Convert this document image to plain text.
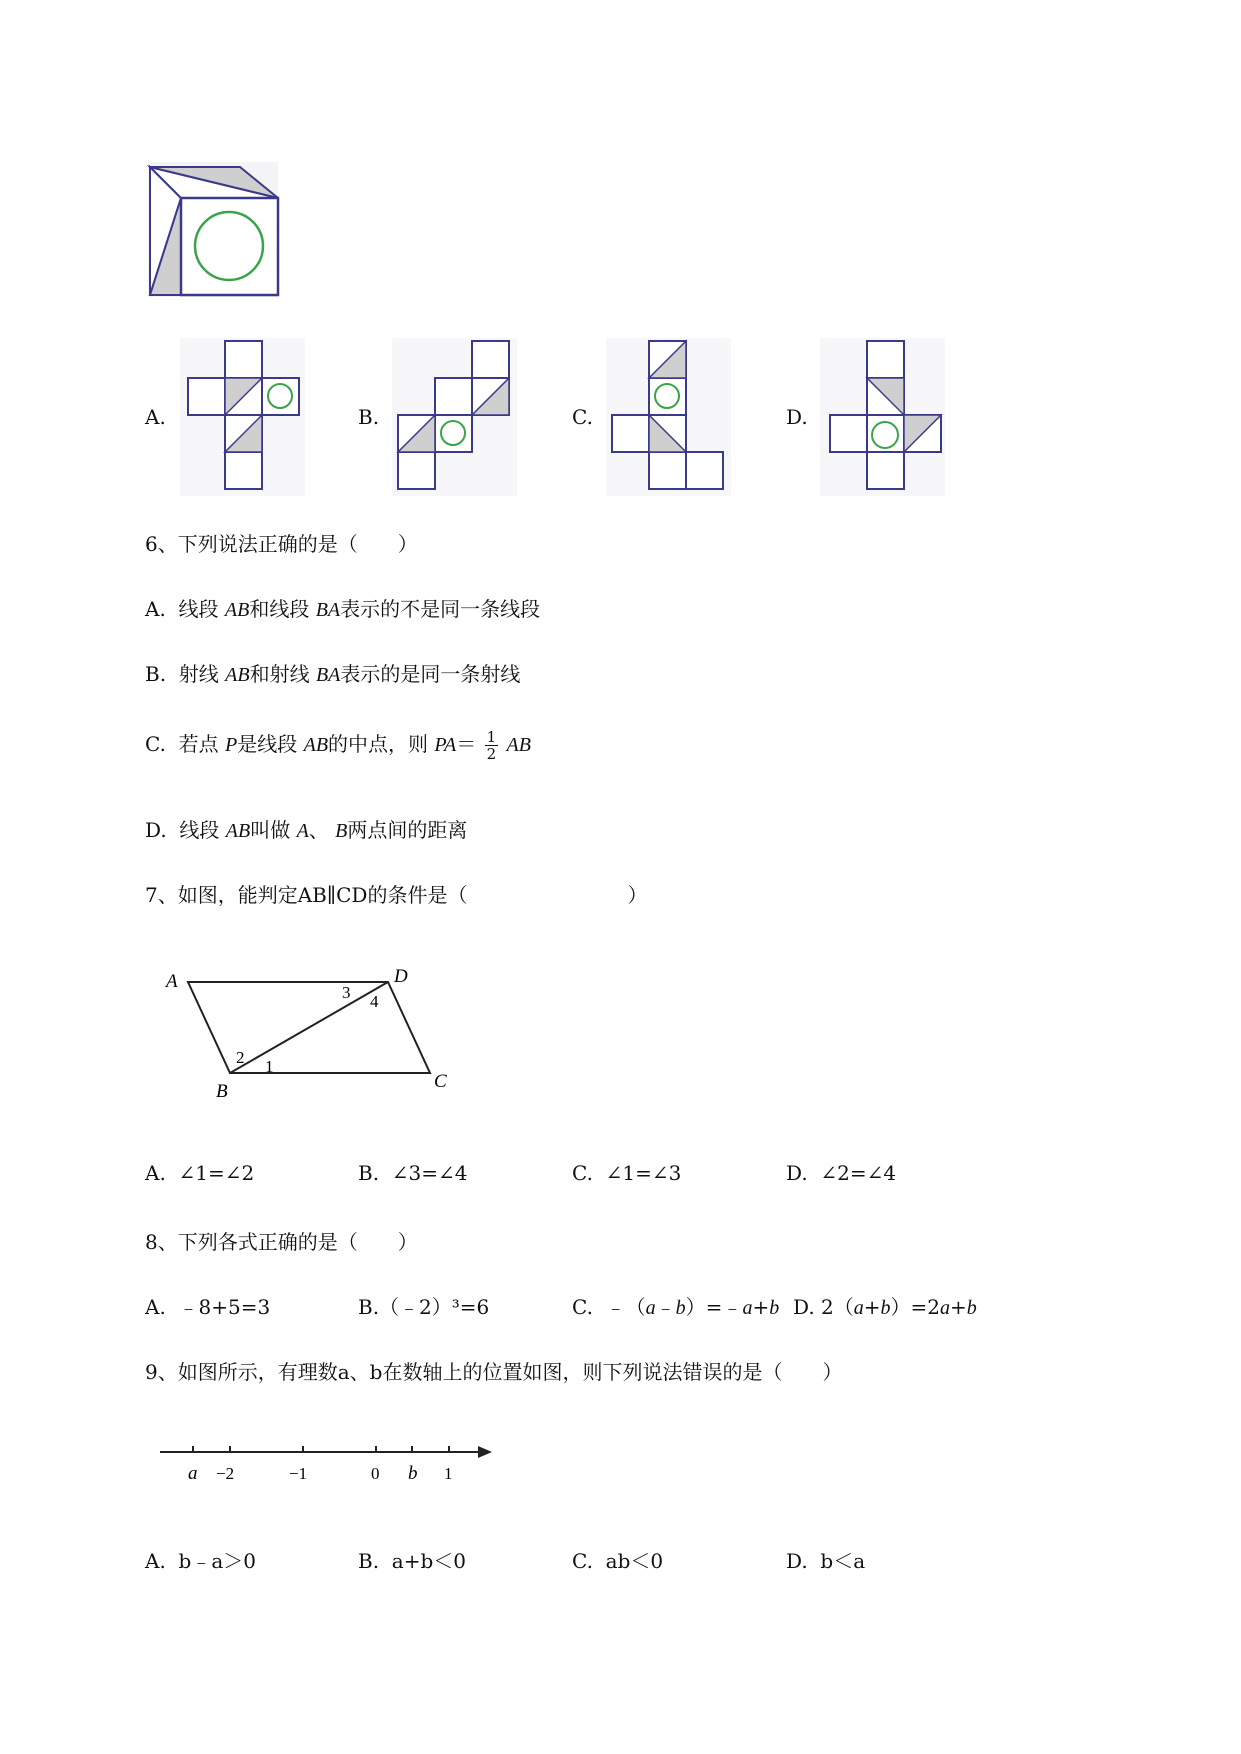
A.	B.	C.	D.
6、下列说法正确的是（　　）
A. 线段 AB和线段 BA表示的不是同一条线段
B. 射线 AB和射线 BA表示的是同一条射线
C. 若点 P是线段 AB的中点，则 $PA= \frac{1}{2}$ AB
D. 线段 AB叫做 A、 B两点间的距离
7、如图，能判定AB∥CD的条件是（　　　　　　　　）
A	D
B	C
1
2
3 4
A. ∠1=∠2	B. ∠3=∠4	C. ∠1=∠3	D. ∠2=∠4
8、下列各式正确的是（　　）
A. ﹣8+5=3	B.（﹣2）³=6	C. ﹣（a﹣b）=﹣a+b D. 2（a+b）=2a+b
9、如图所示，有理数a、b在数轴上的位置如图，则下列说法错误的是（　　）
a −2	−1	0 b 1
A. b﹣a＞0	B. a+b＜0	C. ab＜0	D. b＜a
